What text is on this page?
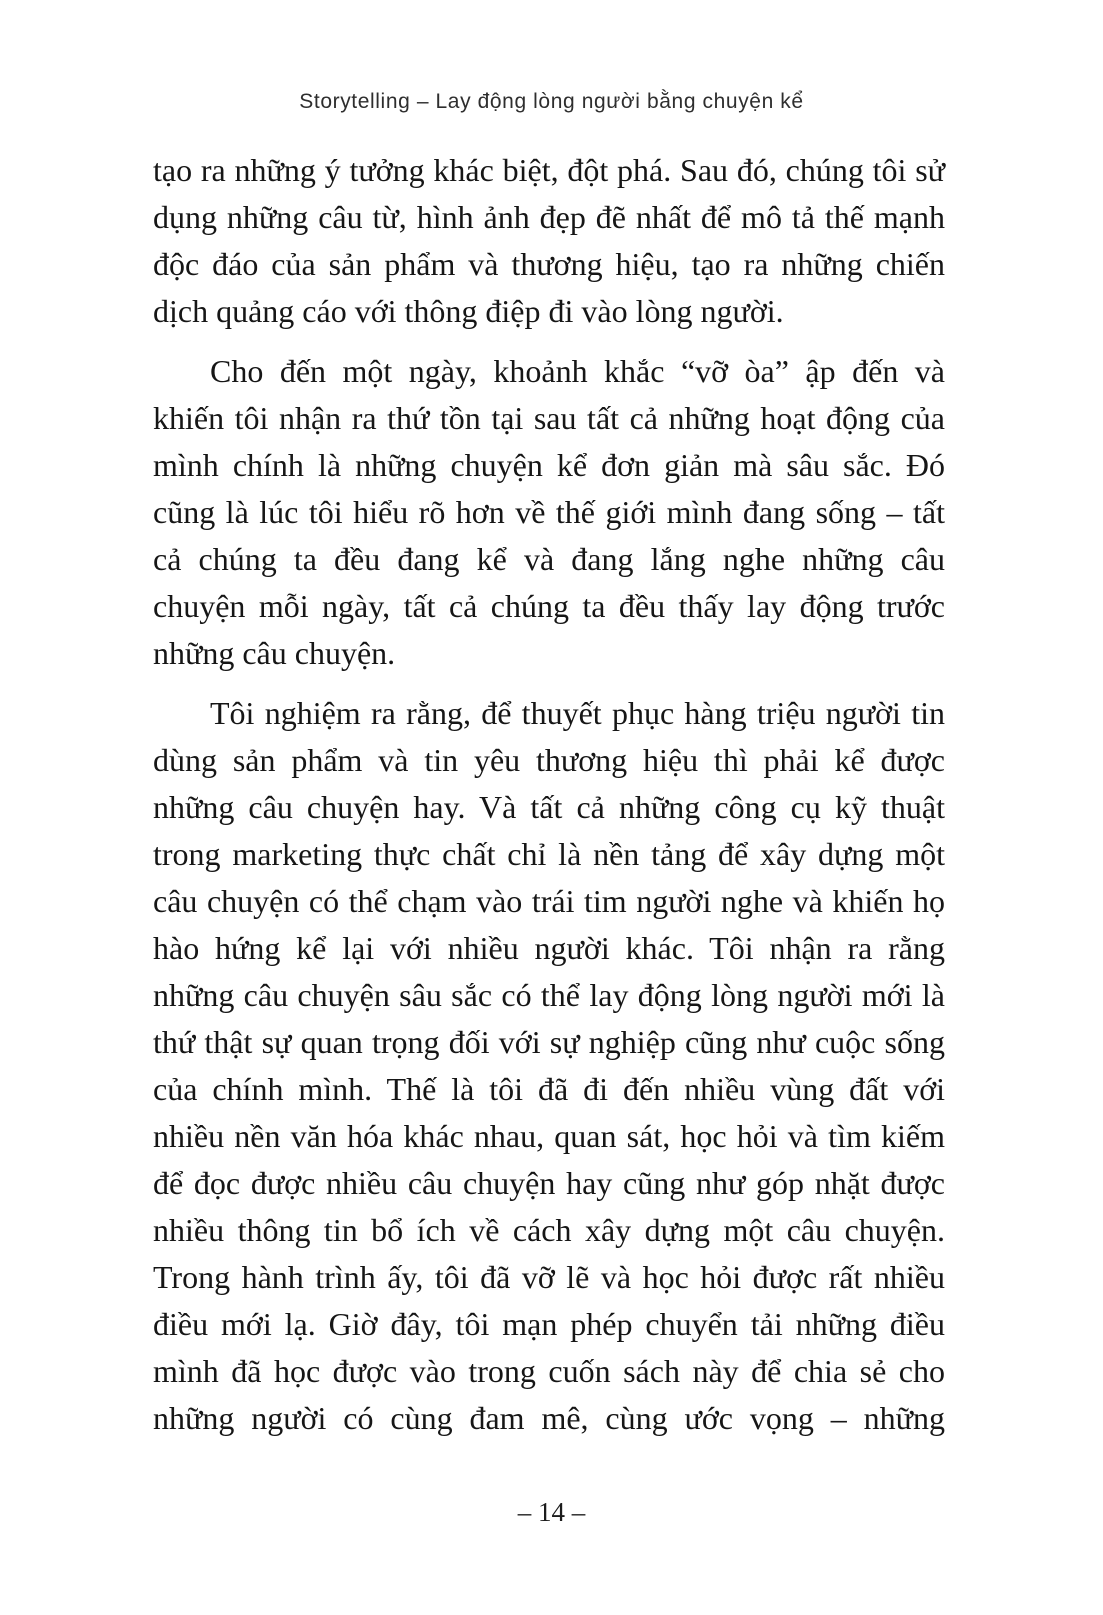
Storytelling – Lay động lòng người bằng chuyện kể
tạo ra những ý tưởng khác biệt, đột phá. Sau đó, chúng tôi sử
dụng những câu từ, hình ảnh đẹp đẽ nhất để mô tả thế mạnh
độc đáo của sản phẩm và thương hiệu, tạo ra những chiến
dịch quảng cáo với thông điệp đi vào lòng người.
Cho đến một ngày, khoảnh khắc “vỡ òa” ập đến và
khiến tôi nhận ra thứ tồn tại sau tất cả những hoạt động của
mình chính là những chuyện kể đơn giản mà sâu sắc. Đó
cũng là lúc tôi hiểu rõ hơn về thế giới mình đang sống – tất
cả chúng ta đều đang kể và đang lắng nghe những câu
chuyện mỗi ngày, tất cả chúng ta đều thấy lay động trước
những câu chuyện.
Tôi nghiệm ra rằng, để thuyết phục hàng triệu người tin
dùng sản phẩm và tin yêu thương hiệu thì phải kể được
những câu chuyện hay. Và tất cả những công cụ kỹ thuật
trong marketing thực chất chỉ là nền tảng để xây dựng một
câu chuyện có thể chạm vào trái tim người nghe và khiến họ
hào hứng kể lại với nhiều người khác. Tôi nhận ra rằng
những câu chuyện sâu sắc có thể lay động lòng người mới là
thứ thật sự quan trọng đối với sự nghiệp cũng như cuộc sống
của chính mình. Thế là tôi đã đi đến nhiều vùng đất với
nhiều nền văn hóa khác nhau, quan sát, học hỏi và tìm kiếm
để đọc được nhiều câu chuyện hay cũng như góp nhặt được
nhiều thông tin bổ ích về cách xây dựng một câu chuyện.
Trong hành trình ấy, tôi đã vỡ lẽ và học hỏi được rất nhiều
điều mới lạ. Giờ đây, tôi mạn phép chuyển tải những điều
mình đã học được vào trong cuốn sách này để chia sẻ cho
những người có cùng đam mê, cùng ước vọng – những
– 14 –
